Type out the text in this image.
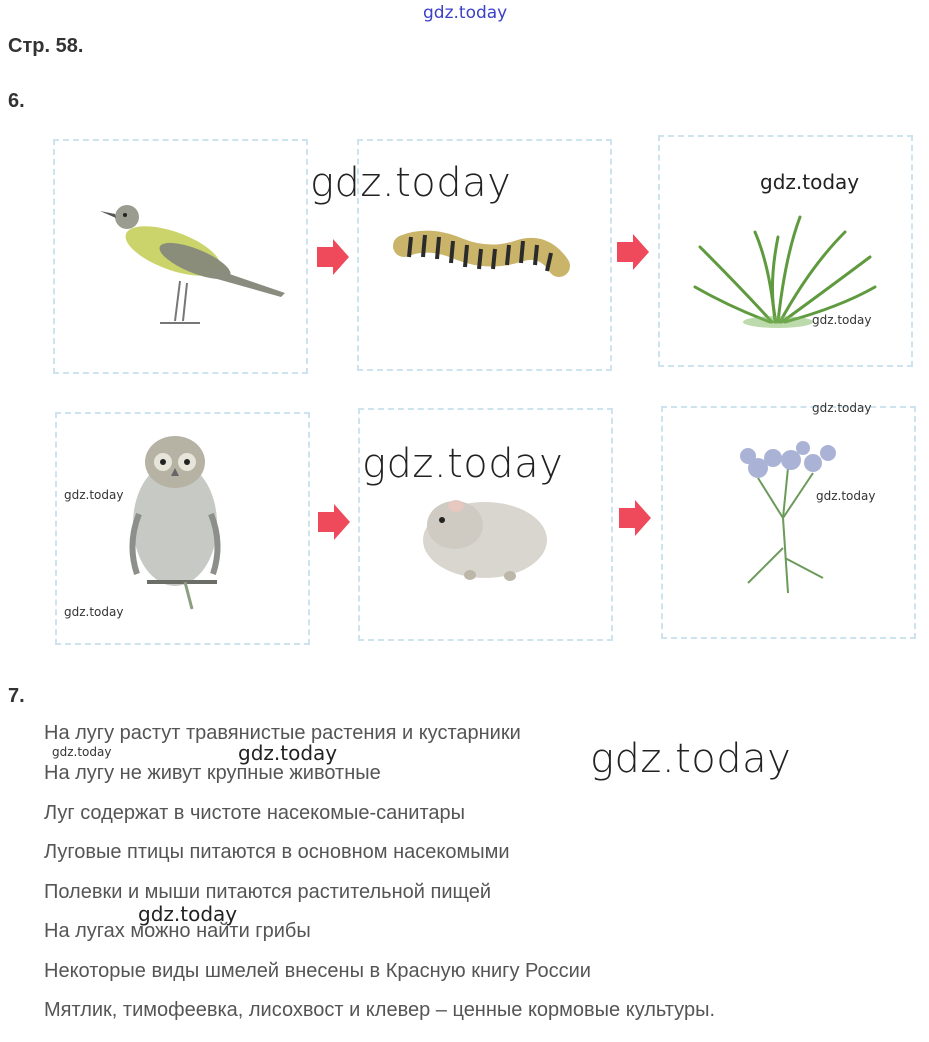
gdz.today
Стр. 58.
6.
gdz.today	gdz.today
gdz.today
gdz.today
gdz.today
gdz.today	gdz.today
gdz.today
7.
На лугу растут травянистые растения и кустарники
На лугу не живут крупные животные
Луг содержат в чистоте насекомые-санитары
Луговые птицы питаются в основном насекомыми
Полевки и мыши питаются растительной пищей
На лугах можно найти грибы
Некоторые виды шмелей внесены в Красную книгу России
Мятлик, тимофеевка, лисохвост и клевер – ценные кормовые культуры.
gdz.today	gdz.today	gdz.today
gdz.today
